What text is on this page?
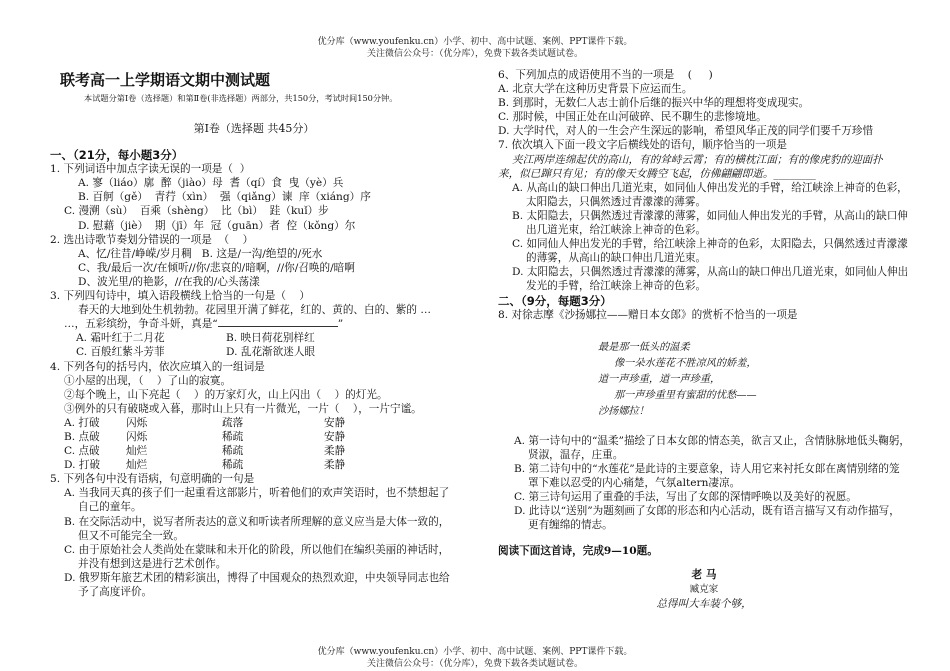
优分库（www.youfenku.cn）小学、初中、高中试题、案例、PPT课件下载。
关注微信公众号：（优分库），免费下载各类试题试卷。
联考高一上学期语文期中测试题
本试题分第Ⅰ卷（选择题）和第Ⅱ卷(非选择题）两部分，共150分，考试时间150分钟。
第Ⅰ卷（选择题 共45分）
一、（21分，每小题3分）
1. 下列词语中加点字读无误的一项是（  ）
A. 寥（liáo）廓  醉（jiào）母  耆（qí）食  曳（yè）兵
B. 百舸（gě）  青荇（xìn）  强（qiǎng）谏  庠（xiáng）序
C. 漫溯（sù）  百乘（shèng）  比（bì）  跬（kuǐ）步
D. 慰藉（jiè）  期（jī）年  冠（guān）者  倥（kǒng）尔
2. 选出诗歌节奏划分错误的一项是  （    ）
A、忆/往昔/峥嵘/岁月稠   B. 这是/一沟/绝望的/死水
C、我/最后一次/在倾听//你/悲哀的/暗啊，//你/召唤的/暗啊
D、波光里/的艳影，//在我的/心头荡漾
3. 下列四句诗中，填入语段横线上恰当的一句是（    ）
春天的大地到处生机勃勃。花园里开满了鲜花，红的、黄的、白的、紫的 …
…，五彩缤纷，争奇斗妍，真是“	”
A. 霜叶红于二月花	B. 映日荷花别样红
C. 百般红紫斗芳菲	D. 乱花渐欲迷人眼
4. 下列各句的括号内，依次应填入的一组词是
①小屋的出现，（    ）了山的寂寞。
②每个晚上，山下亮起（    ）的万家灯火，山上闪出（    ）的灯光。
③例外的只有破晓或入暮，那时山上只有一片微光，一片（    ），一片宁谧。
A. 打破	闪烁	疏落	安静
B. 点破	闪烁	稀疏	安静
C. 点破	灿烂	稀疏	柔静
D. 打破	灿烂	稀疏	柔静
5. 下列各句中没有语病，句意明确的一句是
A. 当我同天真的孩子们一起重看这部影片，听着他们的欢声笑语时，也不禁想起了自己的童年。
B. 在交际活动中，说写者所表达的意义和听读者所理解的意义应当是大体一致的，但又不可能完全一致。
C. 由于原始社会人类尚处在蒙昧和未开化的阶段，所以他们在编织美丽的神话时，并没有想到这是进行艺术创作。
D. 俄罗斯年旅艺术团的精彩演出，博得了中国观众的热烈欢迎，中央领导同志也给予了高度评价。
6、下列加点的成语使用不当的一项是    (     )
A. 北京大学在这种历史背景下应运而生。
B. 到那时，无数仁人志士前仆后继的振兴中华的理想将变成现实。
C. 那时候，中国正处在山河破碎、民不聊生的悲惨境地。
D. 大学时代，对人的一生会产生深远的影响，希望风华正茂的同学们要千万珍惜
7. 依次填入下面一段文字后横线处的语句，顺序恰当的一项是
夹江两岸连绵起伏的高山，有的耸峙云霄；有的横枕江面；有的像虎豹的迎面扑
来，似已蹿只有见；有的像天女腾空飞起，仿佛翩翩即逝。________
A. 从高山的缺口伸出几道光束，如同仙人伸出发光的手臂，给江峡涂上神奇的色彩，太阳隐去，只偶然透过青濛濛的薄雾。
B. 太阳隐去，只偶然透过青濛濛的薄雾，如同仙人伸出发光的手臂，从高山的缺口伸出几道光束，给江峡涂上神奇的色彩。
C. 如同仙人伸出发光的手臂，给江峡涂上神奇的色彩，太阳隐去，只偶然透过青濛濛的薄雾，从高山的缺口伸出几道光束。
D. 太阳隐去，只偶然透过青濛濛的薄雾，从高山的缺口伸出几道光束，如同仙人伸出发光的手臂，给江峡涂上神奇的色彩。
二、（9分，每题3分）
8. 对徐志摩《沙扬娜拉——赠日本女郎》的赏析不恰当的一项是
最是那一低头的温柔
像一朵水莲花不胜凉风的娇羞，
道一声珍重，道一声珍重，
那一声珍重里有蜜甜的忧愁——
沙扬娜拉！
A. 第一诗句中的“温柔”描绘了日本女郎的情态美，欲言又止，含情脉脉地低头鞠躬，贤淑，温存，庄重。
B. 第二诗句中的“水莲花”是此诗的主要意象，诗人用它来衬托女郎在离情别绪的笼罩下难以忍受的内心痛楚，气氛altern凄凉。
C. 第三诗句运用了重叠的手法，写出了女郎的深情呼唤以及美好的祝愿。
D. 此诗以“送别”为题刻画了女郎的形态和内心活动，既有语言描写又有动作描写，更有缠绵的情志。
阅读下面这首诗，完成9—10题。
老 马
臧克家
总得叫大车装个够，
优分库（www.youfenku.cn）小学、初中、高中试题、案例、PPT课件下载。
关注微信公众号：（优分库），免费下载各类试题试卷。
